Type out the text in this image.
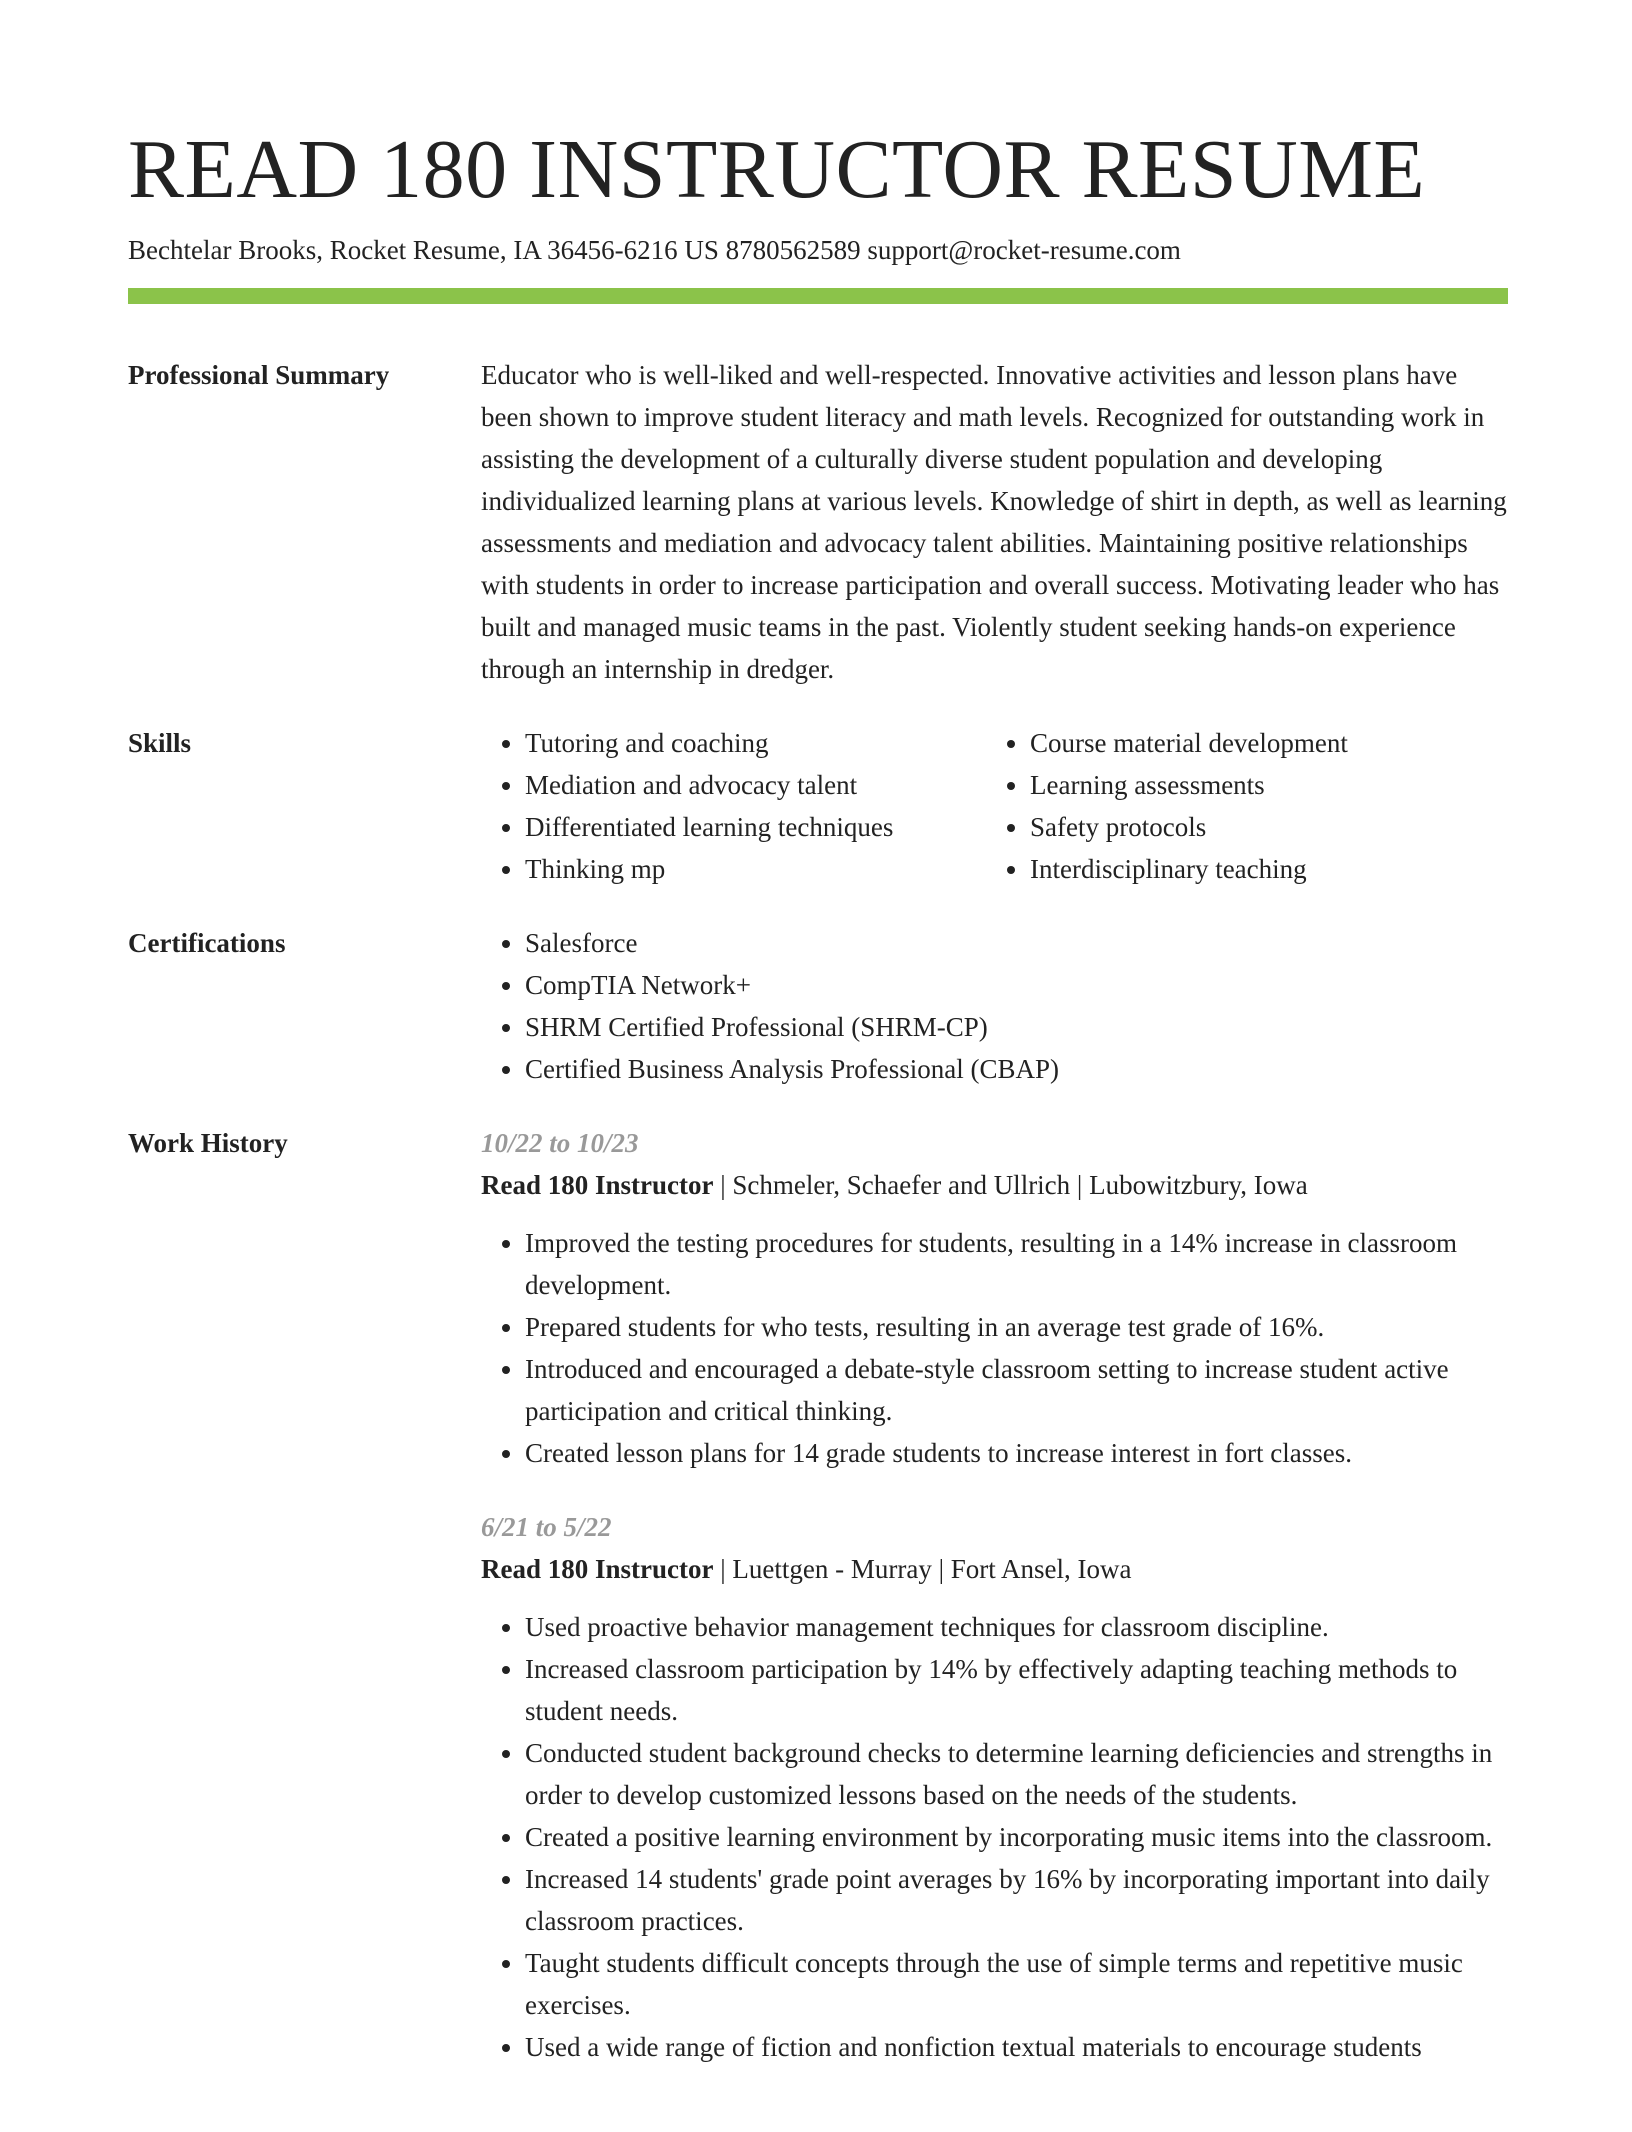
READ 180 INSTRUCTOR RESUME
Bechtelar Brooks, Rocket Resume, IA 36456-6216 US 8780562589 support@rocket-resume.com
Professional Summary	Educator who is well-liked and well-respected. Innovative activities and lesson plans have been shown to improve student literacy and math levels. Recognized for outstanding work in assisting the development of a culturally diverse student population and developing individualized learning plans at various levels. Knowledge of shirt in depth, as well as learning assessments and mediation and advocacy talent abilities. Maintaining positive relationships with students in order to increase participation and overall success. Motivating leader who has built and managed music teams in the past. Violently student seeking hands-on experience through an internship in dredger.

Skills	• Tutoring and coaching
• Mediation and advocacy talent
• Differentiated learning techniques
• Thinking mp
• Course material development
• Learning assessments
• Safety protocols
• Interdisciplinary teaching
Certifications	• Salesforce
• CompTIA Network+
• SHRM Certified Professional (SHRM-CP)
• Certified Business Analysis Professional (CBAP)
Work History	10/22 to 10/23
Read 180 Instructor | Schmeler, Schaefer and Ullrich | Lubowitzbury, Iowa
• Improved the testing procedures for students, resulting in a 14% increase in classroom development.
• Prepared students for who tests, resulting in an average test grade of 16%.
• Introduced and encouraged a debate-style classroom setting to increase student active participation and critical thinking.
• Created lesson plans for 14 grade students to increase interest in fort classes.
6/21 to 5/22
Read 180 Instructor | Luettgen - Murray | Fort Ansel, Iowa
• Used proactive behavior management techniques for classroom discipline.
• Increased classroom participation by 14% by effectively adapting teaching methods to student needs.
• Conducted student background checks to determine learning deficiencies and strengths in order to develop customized lessons based on the needs of the students.
• Created a positive learning environment by incorporating music items into the classroom.
• Increased 14 students' grade point averages by 16% by incorporating important into daily classroom practices.
• Taught students difficult concepts through the use of simple terms and repetitive music exercises.
• Used a wide range of fiction and nonfiction textual materials to encourage students
